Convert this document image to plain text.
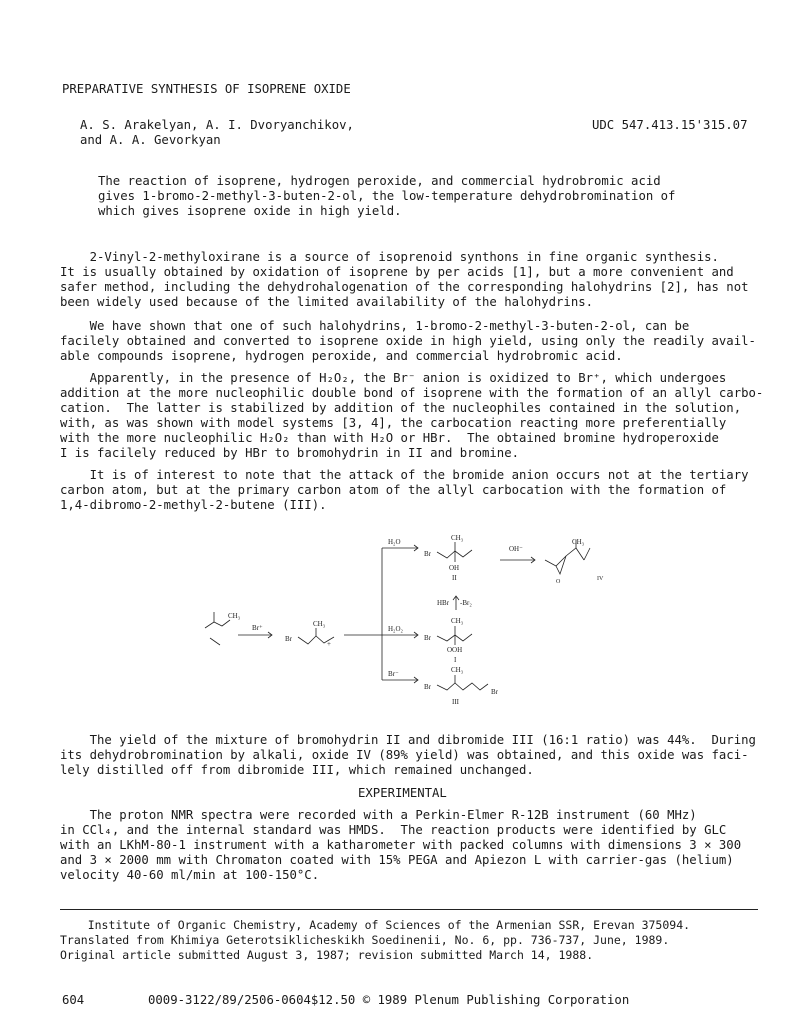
PREPARATIVE SYNTHESIS OF ISOPRENE OXIDE
A. S. Arakelyan, A. I. Dvoryanchikov,
and A. A. Gevorkyan
UDC 547.413.15'315.07
The reaction of isoprene, hydrogen peroxide, and commercial hydrobromic acid
gives 1-bromo-2-methyl-3-buten-2-ol, the low-temperature dehydrobromination of
which gives isoprene oxide in high yield.
2-Vinyl-2-methyloxirane is a source of isoprenoid synthons in fine organic synthesis.
It is usually obtained by oxidation of isoprene by per acids [1], but a more convenient and
safer method, including the dehydrohalogenation of the corresponding halohydrins [2], has not
been widely used because of the limited availability of the halohydrins.
We have shown that one of such halohydrins, 1-bromo-2-methyl-3-buten-2-ol, can be
facilely obtained and converted to isoprene oxide in high yield, using only the readily avail-
able compounds isoprene, hydrogen peroxide, and commercial hydrobromic acid.
Apparently, in the presence of H₂O₂, the Br⁻ anion is oxidized to Br⁺, which undergoes
addition at the more nucleophilic double bond of isoprene with the formation of an allyl carbo-
cation.  The latter is stabilized by addition of the nucleophiles contained in the solution,
with, as was shown with model systems [3, 4], the carbocation reacting more preferentially
with the more nucleophilic H₂O₂ than with H₂O or HBr.  The obtained bromine hydroperoxide
I is facilely reduced by HBr to bromohydrin in II and bromine.
It is of interest to note that the attack of the bromide anion occurs not at the tertiary
carbon atom, but at the primary carbon atom of the allyl carbocation with the formation of
1,4-dibromo-2-methyl-2-butene (III).
CH₃
Br⁺
Br
CH₃
+
H₂O
H₂O₂
Br⁻
Br
CH₃
OH
II
OH⁻
CH₃
O	IV
HBr -Br₂
Br
CH₃
OOH
I
Br
CH₃
Br
III
The yield of the mixture of bromohydrin II and dibromide III (16:1 ratio) was 44%.  During
its dehydrobromination by alkali, oxide IV (89% yield) was obtained, and this oxide was faci-
lely distilled off from dibromide III, which remained unchanged.
EXPERIMENTAL
The proton NMR spectra were recorded with a Perkin-Elmer R-12B instrument (60 MHz)
in CCl₄, and the internal standard was HMDS.  The reaction products were identified by GLC
with an LKhM-80-1 instrument with a katharometer with packed columns with dimensions 3 × 300
and 3 × 2000 mm with Chromaton coated with 15% PEGA and Apiezon L with carrier-gas (helium)
velocity 40-60 ml/min at 100-150°C.
Institute of Organic Chemistry, Academy of Sciences of the Armenian SSR, Erevan 375094.
Translated from Khimiya Geterotsiklicheskikh Soedinenii, No. 6, pp. 736-737, June, 1989.
Original article submitted August 3, 1987; revision submitted March 14, 1988.
604	0009-3122/89/2506-0604$12.50 © 1989 Plenum Publishing Corporation
